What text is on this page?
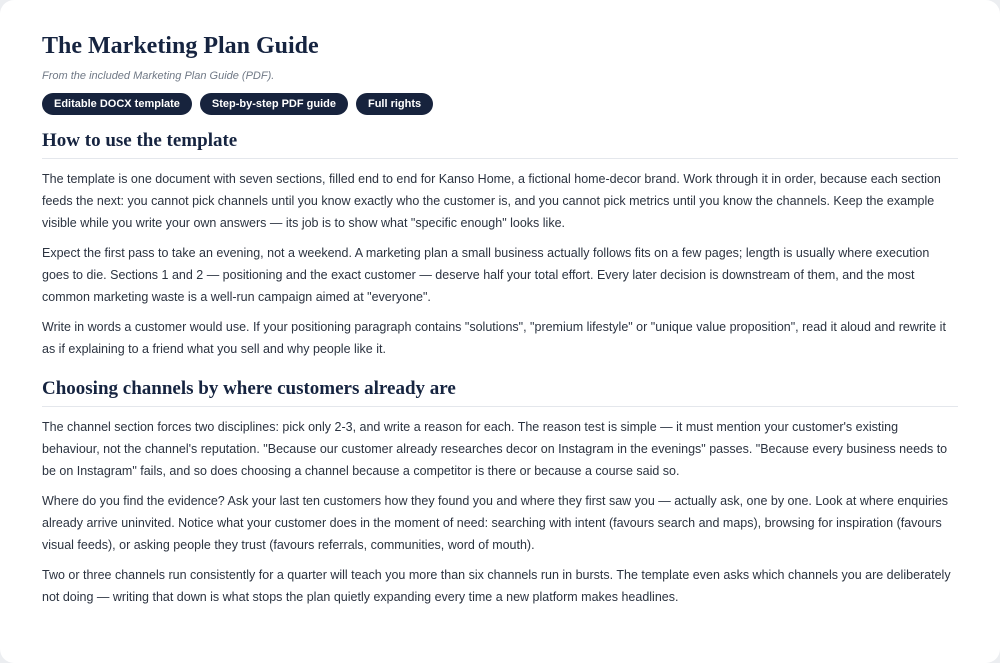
The Marketing Plan Guide

From the included Marketing Plan Guide (PDF).

Editable DOCX template	Step-by-step PDF guide	Full rights
How to use the template

The template is one document with seven sections, filled end to end for Kanso Home, a fictional home-decor brand. Work through it in order, because each section feeds the next: you cannot pick channels until you know exactly who the customer is, and you cannot pick metrics until you know the channels. Keep the example visible while you write your own answers — its job is to show what "specific enough" looks like.

Expect the first pass to take an evening, not a weekend. A marketing plan a small business actually follows fits on a few pages; length is usually where execution goes to die. Sections 1 and 2 — positioning and the exact customer — deserve half your total effort. Every later decision is downstream of them, and the most common marketing waste is a well-run campaign aimed at "everyone".

Write in words a customer would use. If your positioning paragraph contains "solutions", "premium lifestyle" or "unique value proposition", read it aloud and rewrite it as if explaining to a friend what you sell and why people like it.

Choosing channels by where customers already are

The channel section forces two disciplines: pick only 2-3, and write a reason for each. The reason test is simple — it must mention your customer's existing behaviour, not the channel's reputation. "Because our customer already researches decor on Instagram in the evenings" passes. "Because every business needs to be on Instagram" fails, and so does choosing a channel because a competitor is there or because a course said so.

Where do you find the evidence? Ask your last ten customers how they found you and where they first saw you — actually ask, one by one. Look at where enquiries already arrive uninvited. Notice what your customer does in the moment of need: searching with intent (favours search and maps), browsing for inspiration (favours visual feeds), or asking people they trust (favours referrals, communities, word of mouth).

Two or three channels run consistently for a quarter will teach you more than six channels run in bursts. The template even asks which channels you are deliberately not doing — writing that down is what stops the plan quietly expanding every time a new platform makes headlines.
